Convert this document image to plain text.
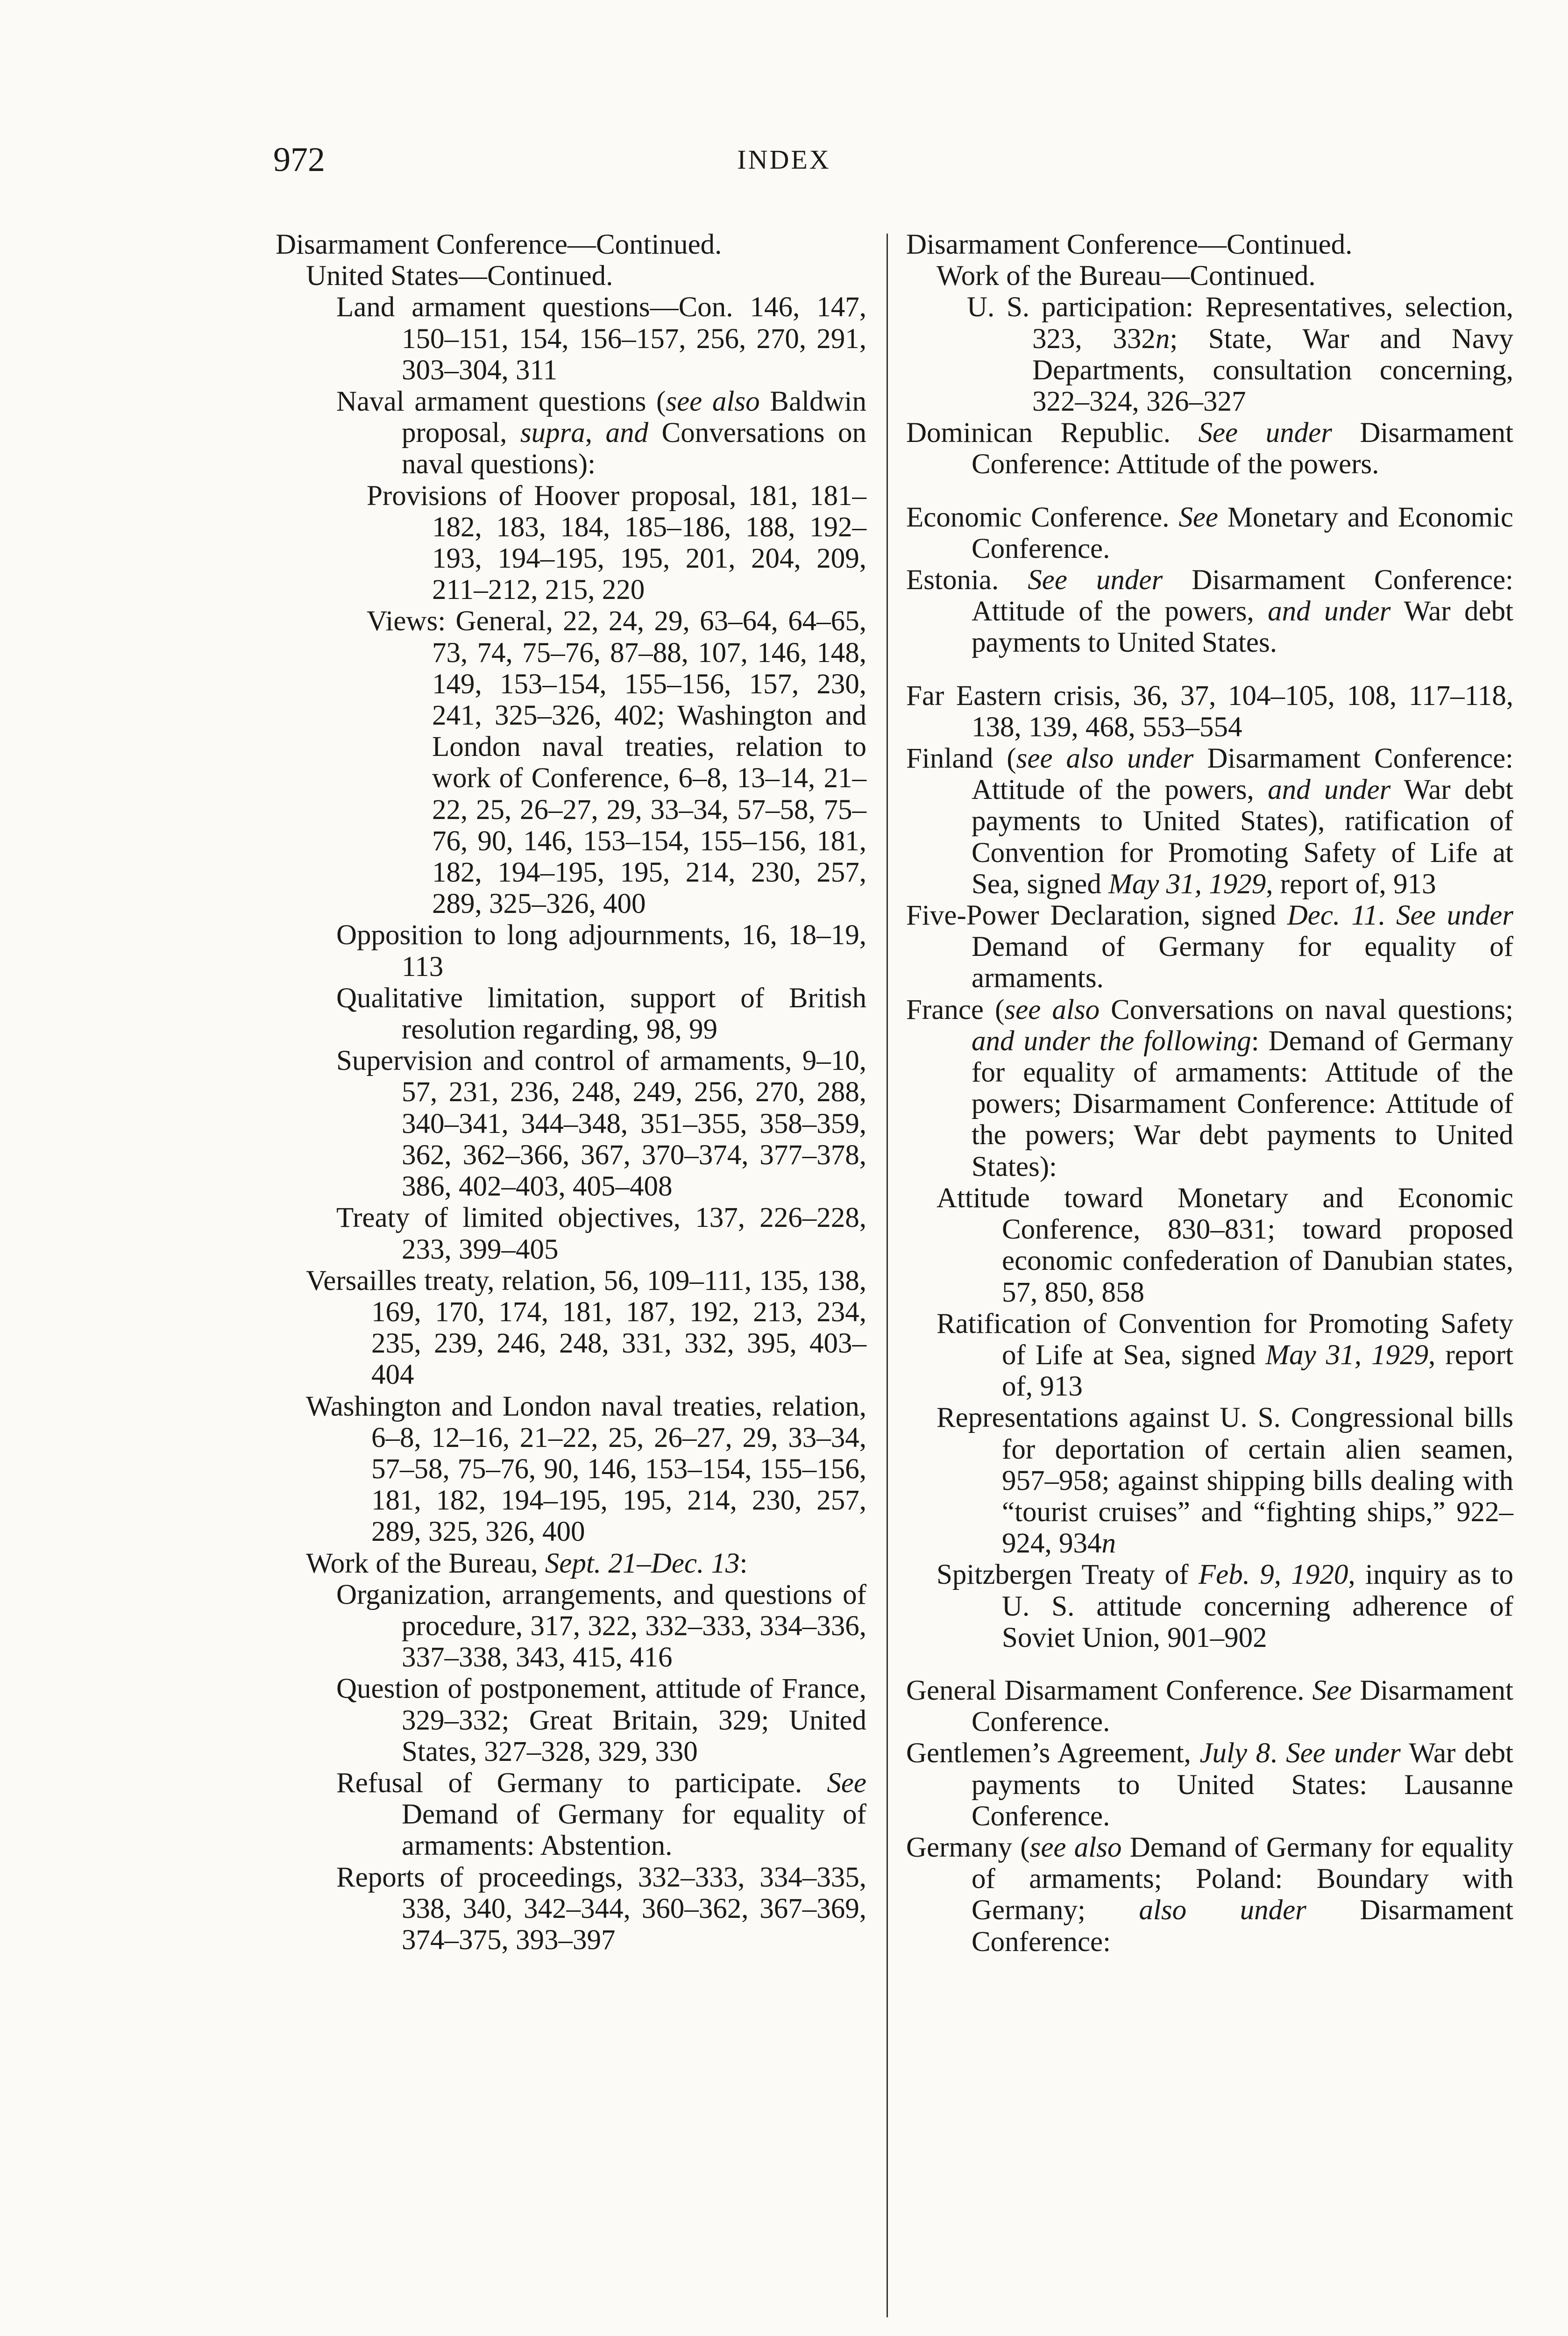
972	INDEX
Disarmament Conference—Continued.
United States—Continued.
Land armament questions—Con. 146, 147, 150–151, 154, 156–157, 256, 270, 291, 303–304, 311
Naval armament questions (see also Baldwin proposal, supra, and Conversations on naval questions):
Provisions of Hoover proposal, 181, 181–182, 183, 184, 185–186, 188, 192–193, 194–195, 195, 201, 204, 209, 211–212, 215, 220
Views: General, 22, 24, 29, 63–64, 64–65, 73, 74, 75–76, 87–88, 107, 146, 148, 149, 153–154, 155–156, 157, 230, 241, 325–326, 402; Washington and London naval treaties, relation to work of Conference, 6–8, 13–14, 21–22, 25, 26–27, 29, 33–34, 57–58, 75–76, 90, 146, 153–154, 155–156, 181, 182, 194–195, 195, 214, 230, 257, 289, 325–326, 400
Opposition to long adjournments, 16, 18–19, 113
Qualitative limitation, support of British resolution regarding, 98, 99
Supervision and control of armaments, 9–10, 57, 231, 236, 248, 249, 256, 270, 288, 340–341, 344–348, 351–355, 358–359, 362, 362–366, 367, 370–374, 377–378, 386, 402–403, 405–408
Treaty of limited objectives, 137, 226–228, 233, 399–405
Versailles treaty, relation, 56, 109–111, 135, 138, 169, 170, 174, 181, 187, 192, 213, 234, 235, 239, 246, 248, 331, 332, 395, 403–404
Washington and London naval treaties, relation, 6–8, 12–16, 21–22, 25, 26–27, 29, 33–34, 57–58, 75–76, 90, 146, 153–154, 155–156, 181, 182, 194–195, 195, 214, 230, 257, 289, 325, 326, 400
Work of the Bureau, Sept. 21–Dec. 13:
Organization, arrangements, and questions of procedure, 317, 322, 332–333, 334–336, 337–338, 343, 415, 416
Question of postponement, attitude of France, 329–332; Great Britain, 329; United States, 327–328, 329, 330
Refusal of Germany to participate. See Demand of Germany for equality of armaments: Abstention.
Reports of proceedings, 332–333, 334–335, 338, 340, 342–344, 360–362, 367–369, 374–375, 393–397
Disarmament Conference—Continued.
Work of the Bureau—Continued.
U. S. participation: Representatives, selection, 323, 332n; State, War and Navy Departments, consultation concerning, 322–324, 326–327
Dominican Republic. See under Disarmament Conference: Attitude of the powers.
Economic Conference. See Monetary and Economic Conference.
Estonia. See under Disarmament Conference: Attitude of the powers, and under War debt payments to United States.
Far Eastern crisis, 36, 37, 104–105, 108, 117–118, 138, 139, 468, 553–554
Finland (see also under Disarmament Conference: Attitude of the powers, and under War debt payments to United States), ratification of Convention for Promoting Safety of Life at Sea, signed May 31, 1929, report of, 913
Five-Power Declaration, signed Dec. 11. See under Demand of Germany for equality of armaments.
France (see also Conversations on naval questions; and under the following: Demand of Germany for equality of armaments: Attitude of the powers; Disarmament Conference: Attitude of the powers; War debt payments to United States):
Attitude toward Monetary and Economic Conference, 830–831; toward proposed economic confederation of Danubian states, 57, 850, 858
Ratification of Convention for Promoting Safety of Life at Sea, signed May 31, 1929, report of, 913
Representations against U. S. Congressional bills for deportation of certain alien seamen, 957–958; against shipping bills dealing with “tourist cruises” and “fighting ships,” 922–924, 934n
Spitzbergen Treaty of Feb. 9, 1920, inquiry as to U. S. attitude concerning adherence of Soviet Union, 901–902
General Disarmament Conference. See Disarmament Conference.
Gentlemen’s Agreement, July 8. See under War debt payments to United States: Lausanne Conference.
Germany (see also Demand of Germany for equality of armaments; Poland: Boundary with Germany; also under Disarmament Conference:
